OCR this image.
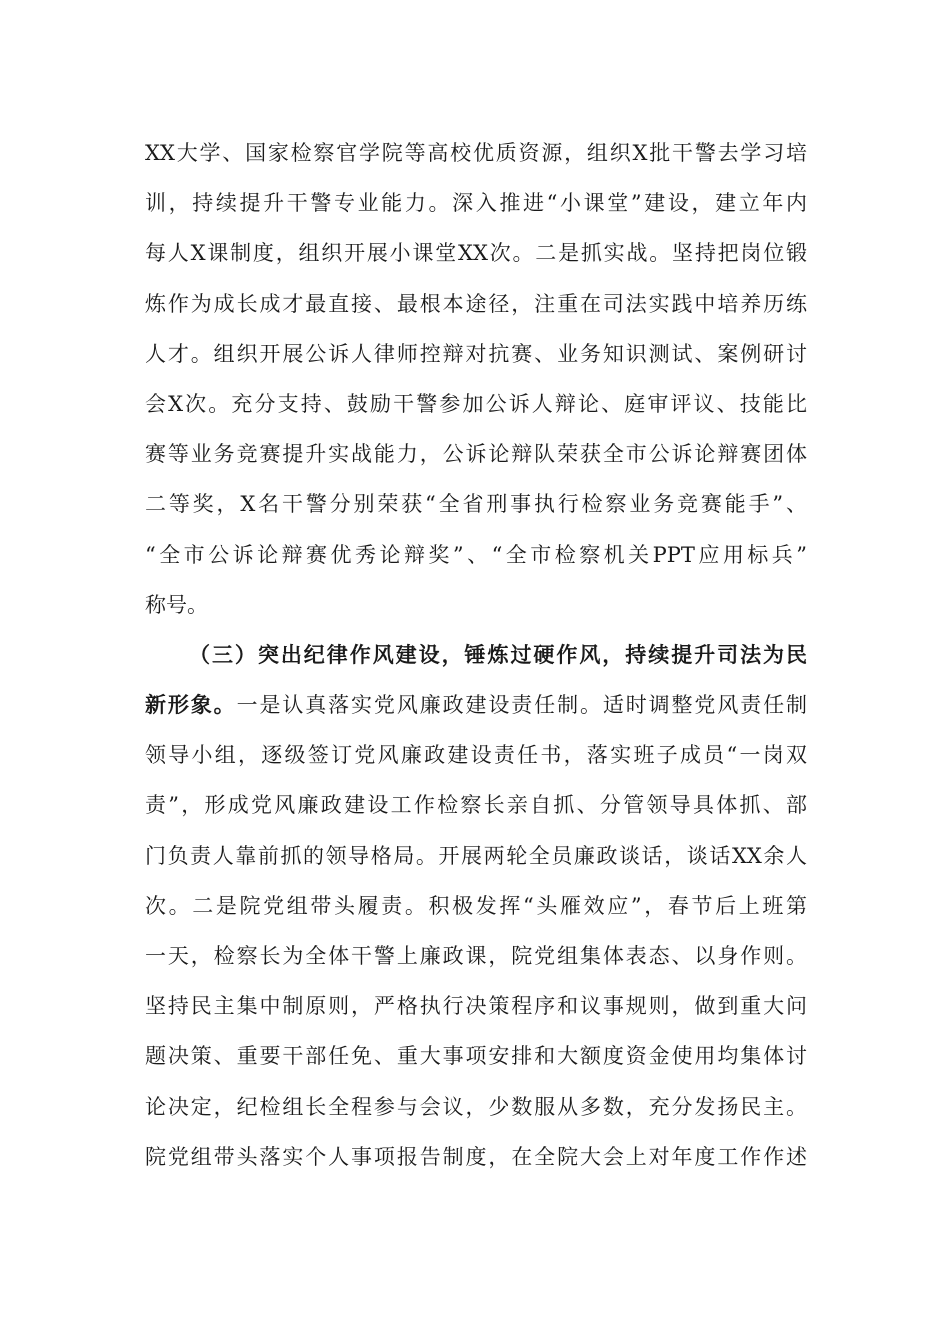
XX大学、国家检察官学院等高校优质资源，组织X批干警去学习培
训，持续提升干警专业能力。深入推进“小课堂”建设，建立年内
每人X课制度，组织开展小课堂XX次。二是抓实战。坚持把岗位锻
炼作为成长成才最直接、最根本途径，注重在司法实践中培养历练
人才。组织开展公诉人律师控辩对抗赛、业务知识测试、案例研讨
会X次。充分支持、鼓励干警参加公诉人辩论、庭审评议、技能比
赛等业务竞赛提升实战能力，公诉论辩队荣获全市公诉论辩赛团体
二等奖，X名干警分别荣获“全省刑事执行检察业务竞赛能手”、
“全市公诉论辩赛优秀论辩奖”、“全市检察机关PPT应用标兵”
称号。
（三）突出纪律作风建设，锤炼过硬作风，持续提升司法为民
新形象。一是认真落实党风廉政建设责任制。适时调整党风责任制
领导小组，逐级签订党风廉政建设责任书，落实班子成员“一岗双
责”，形成党风廉政建设工作检察长亲自抓、分管领导具体抓、部
门负责人靠前抓的领导格局。开展两轮全员廉政谈话，谈话XX余人
次。二是院党组带头履责。积极发挥“头雁效应”，春节后上班第
一天，检察长为全体干警上廉政课，院党组集体表态、以身作则。
坚持民主集中制原则，严格执行决策程序和议事规则，做到重大问
题决策、重要干部任免、重大事项安排和大额度资金使用均集体讨
论决定，纪检组长全程参与会议，少数服从多数，充分发扬民主。
院党组带头落实个人事项报告制度，在全院大会上对年度工作作述
